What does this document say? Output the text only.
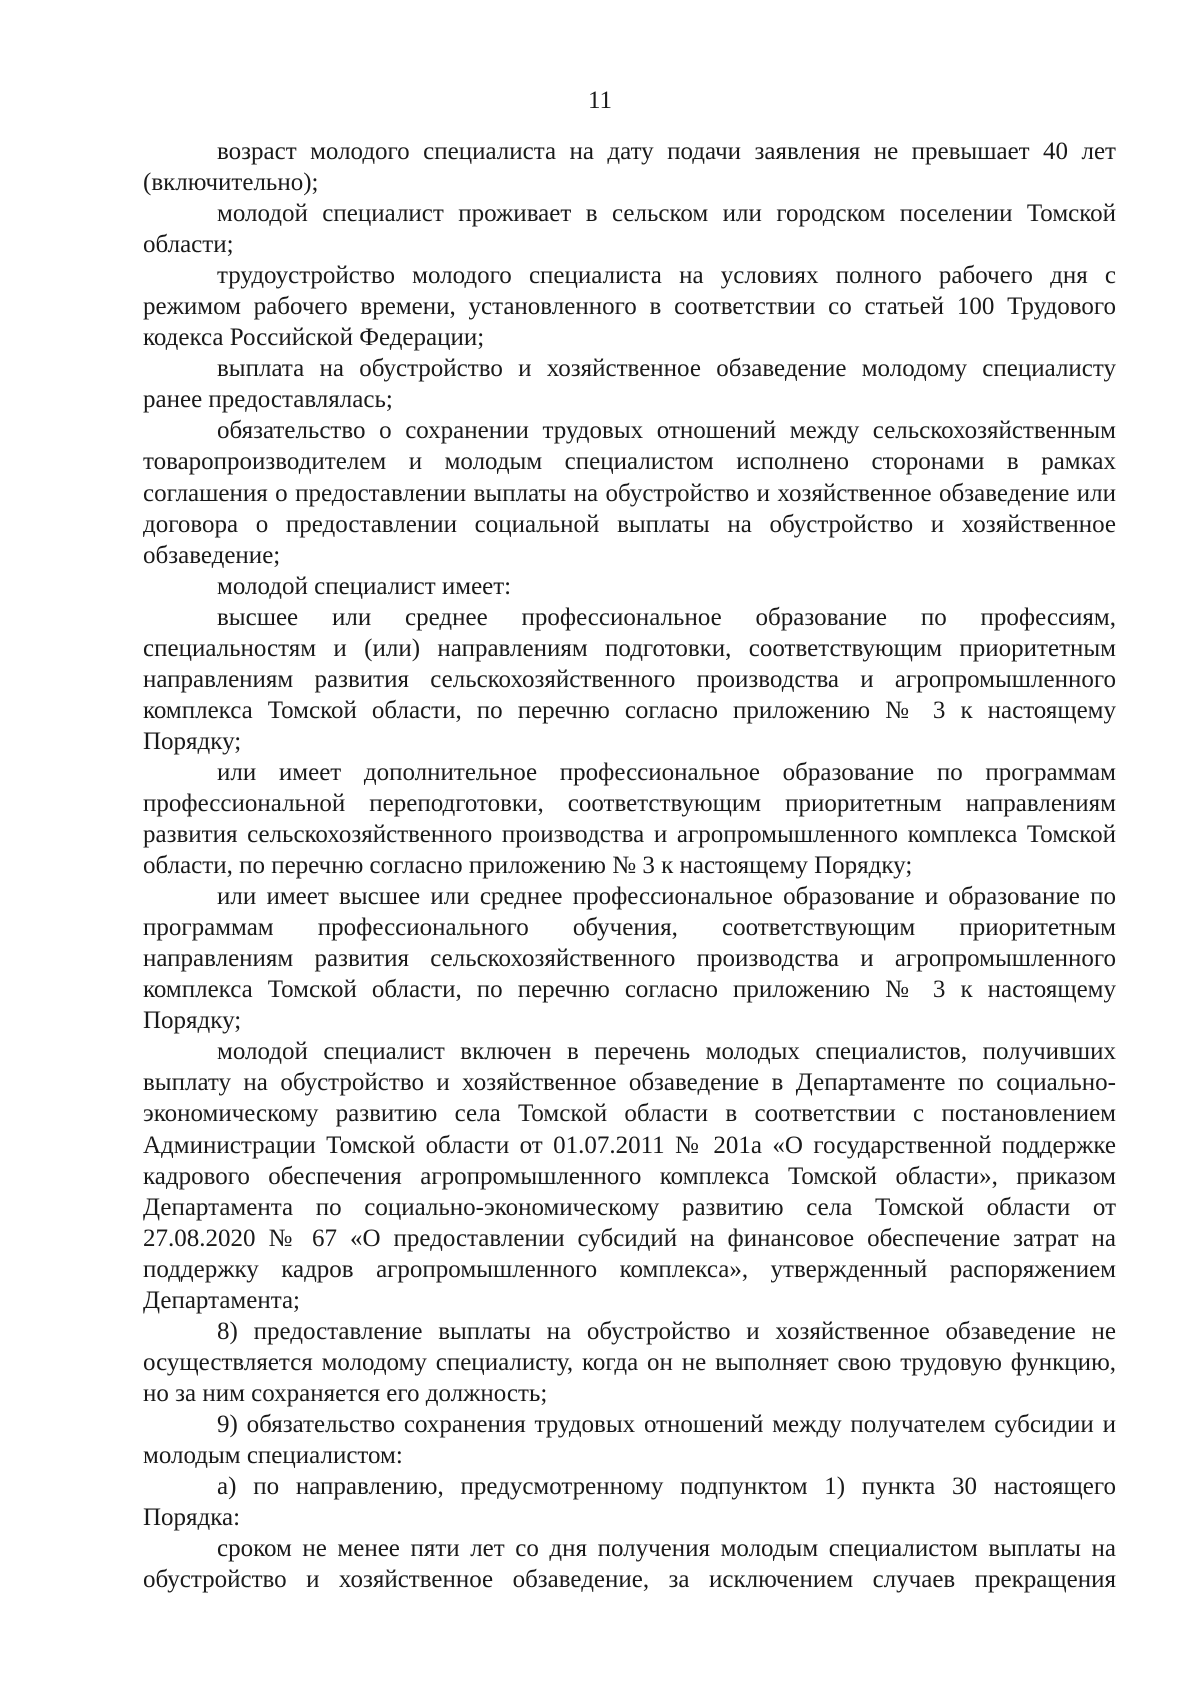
11

возраст молодого специалиста на дату подачи заявления не превышает 40 лет (включительно);

молодой специалист проживает в сельском или городском поселении Томской области;

трудоустройство молодого специалиста на условиях полного рабочего дня с режимом рабочего времени, установленного в соответствии со статьей 100 Трудового кодекса Российской Федерации;

выплата на обустройство и хозяйственное обзаведение молодому специалисту ранее предоставлялась;

обязательство о сохранении трудовых отношений между сельскохозяйственным товаропроизводителем и молодым специалистом исполнено сторонами в рамках соглашения о предоставлении выплаты на обустройство и хозяйственное обзаведение или договора о предоставлении социальной выплаты на обустройство и хозяйственное обзаведение;

молодой специалист имеет:

высшее или среднее профессиональное образование по профессиям, специальностям и (или) направлениям подготовки, соответствующим приоритетным направлениям развития сельскохозяйственного производства и агропромышленного комплекса Томской области, по перечню согласно приложению № 3 к настоящему Порядку;

или имеет дополнительное профессиональное образование по программам профессиональной переподготовки, соответствующим приоритетным направлениям развития сельскохозяйственного производства и агропромышленного комплекса Томской области, по перечню согласно приложению № 3 к настоящему Порядку;

или имеет высшее или среднее профессиональное образование и образование по программам профессионального обучения, соответствующим приоритетным направлениям развития сельскохозяйственного производства и агропромышленного комплекса Томской области, по перечню согласно приложению № 3 к настоящему Порядку;

молодой специалист включен в перечень молодых специалистов, получивших выплату на обустройство и хозяйственное обзаведение в Департаменте по социально-экономическому развитию села Томской области в соответствии с постановлением Администрации Томской области от 01.07.2011 № 201а «О государственной поддержке кадрового обеспечения агропромышленного комплекса Томской области», приказом Департамента по социально-экономическому развитию села Томской области от 27.08.2020 № 67 «О предоставлении субсидий на финансовое обеспечение затрат на поддержку кадров агропромышленного комплекса», утвержденный распоряжением Департамента;

8) предоставление выплаты на обустройство и хозяйственное обзаведение не осуществляется молодому специалисту, когда он не выполняет свою трудовую функцию, но за ним сохраняется его должность;

9) обязательство сохранения трудовых отношений между получателем субсидии и молодым специалистом:

а) по направлению, предусмотренному подпунктом 1) пункта 30 настоящего Порядка:

сроком не менее пяти лет со дня получения молодым специалистом выплаты на обустройство и хозяйственное обзаведение, за исключением случаев прекращения
